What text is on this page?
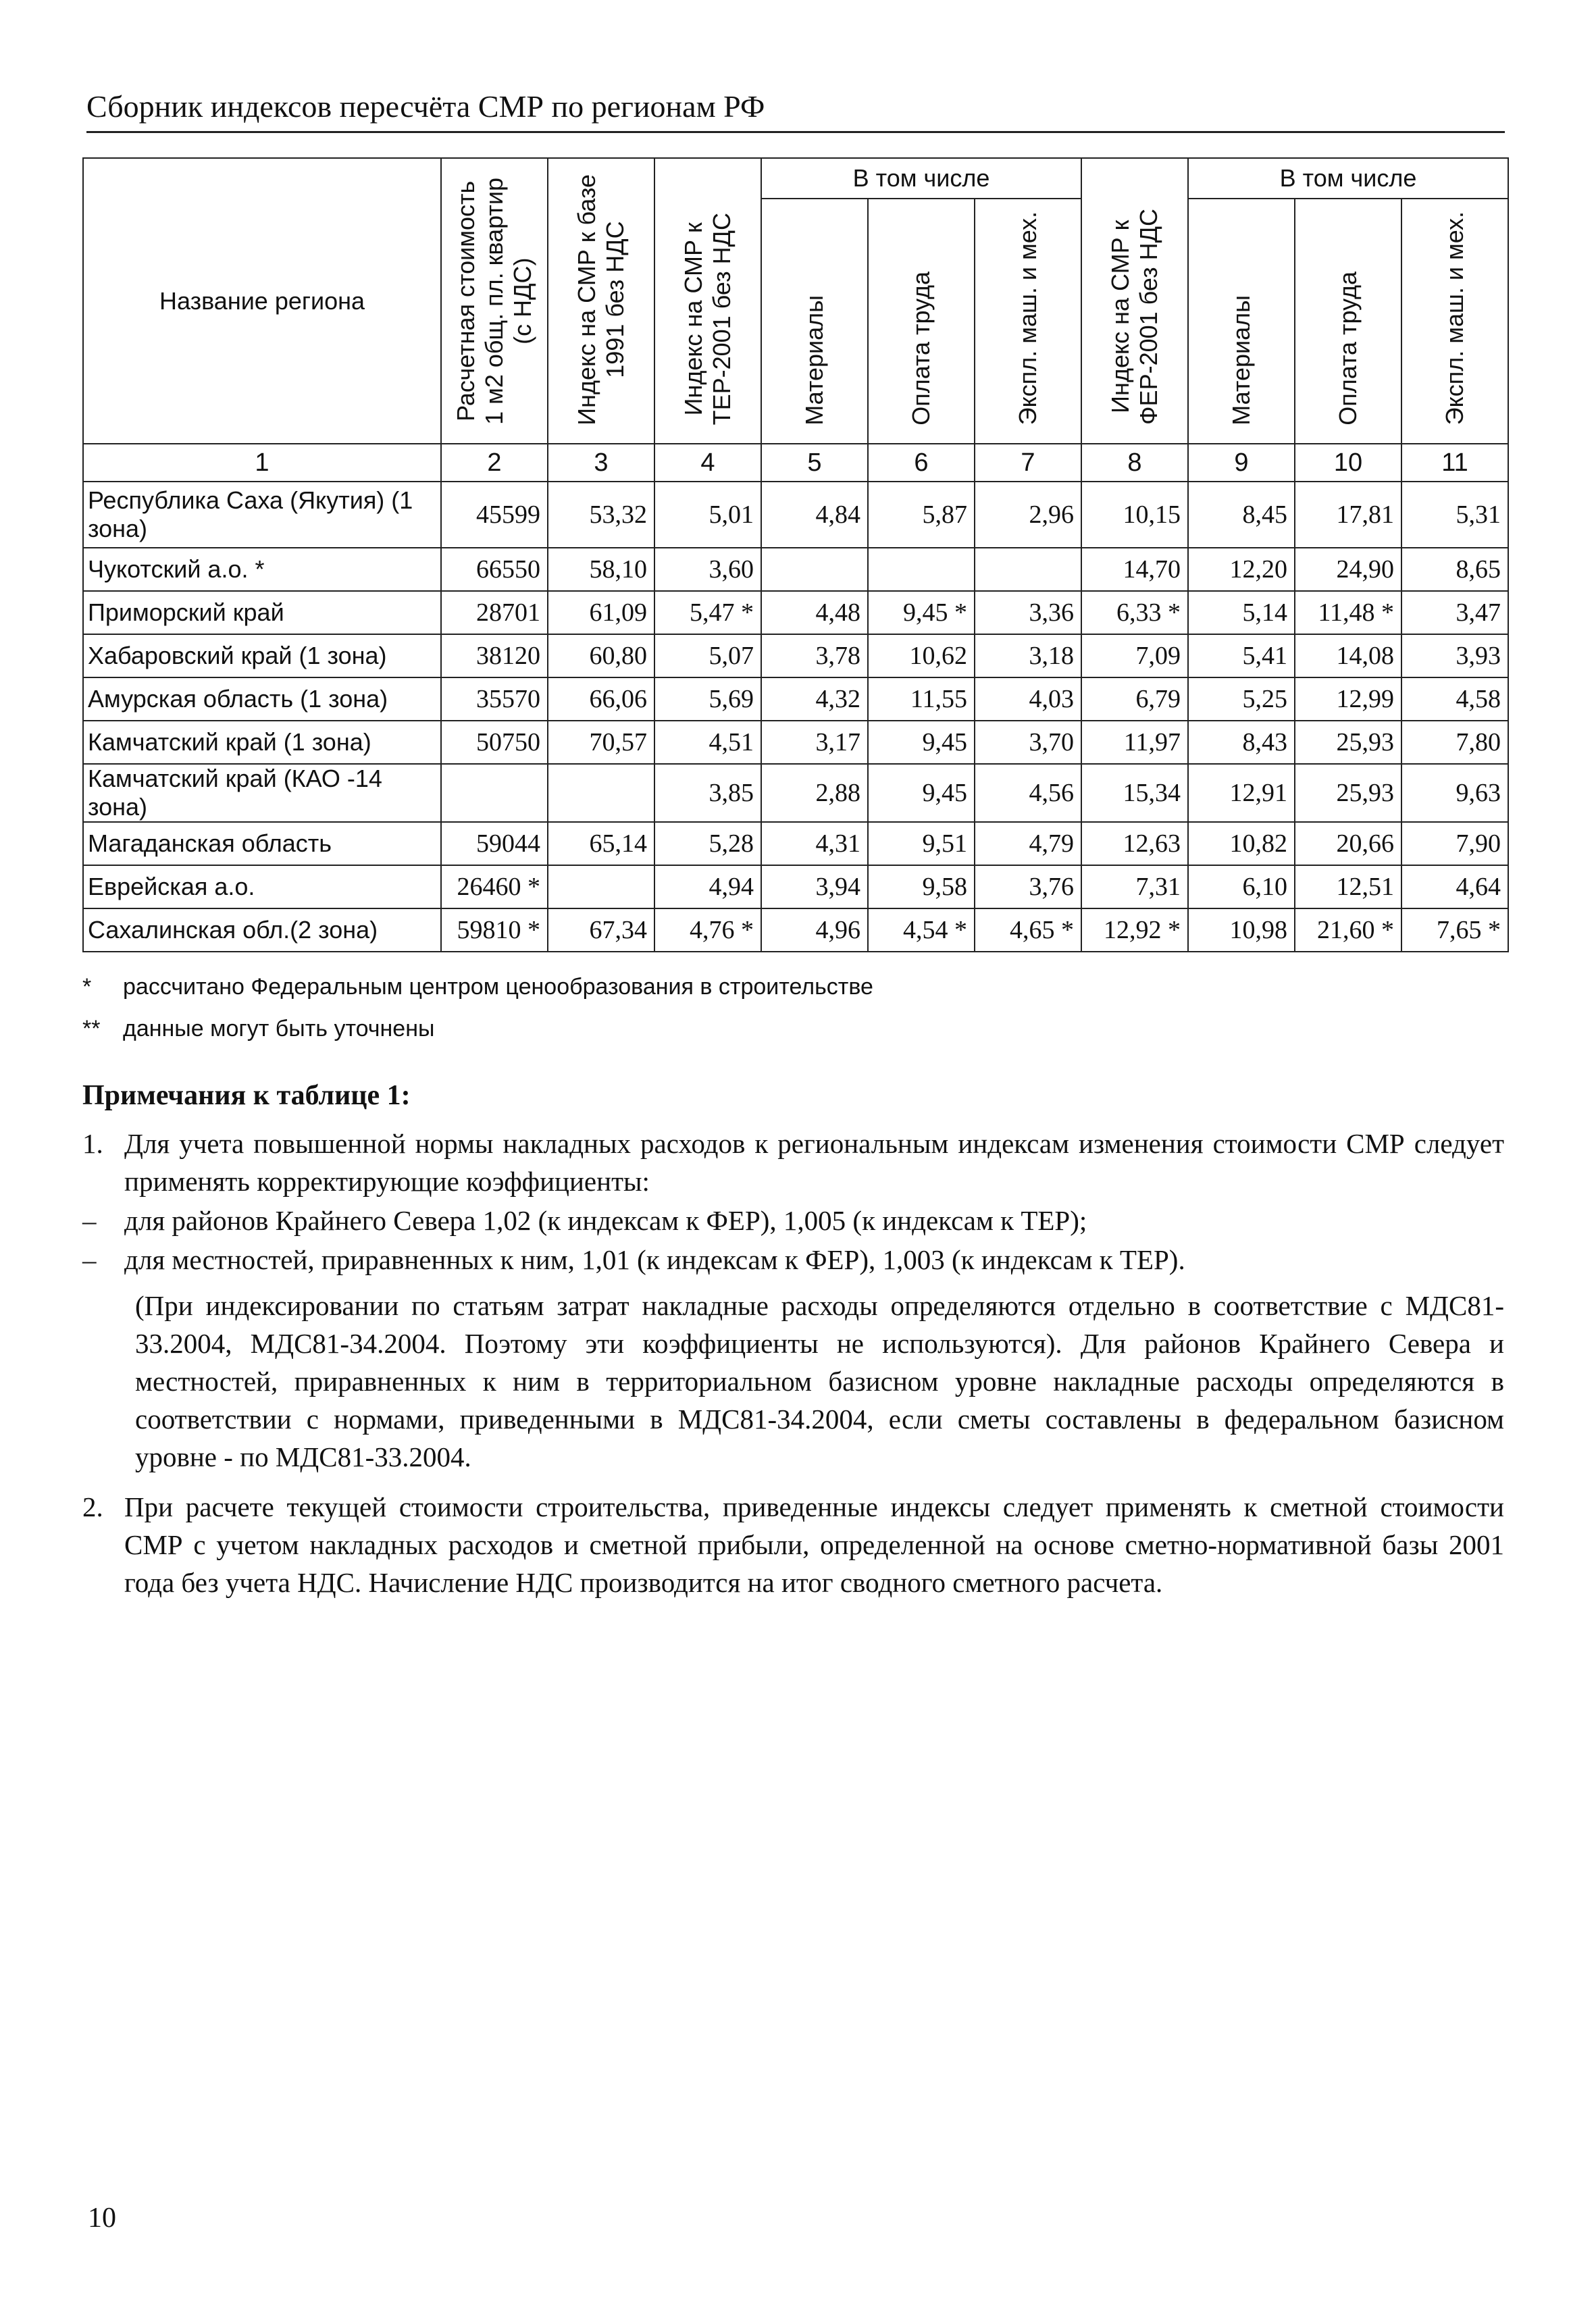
Сборник индексов пересчёта СМР по регионам РФ
Название региона	Расчетная стоимость
1 м2 общ. пл. квартир
(с НДС)	Индекс на СМР к базе
1991 без НДС	Индекс на СМР к
ТЕР-2001 без НДС	В том числе			Индекс на СМР к
ФЕР-2001 без НДС	В том числе		
				Материалы	Оплата труда	Экспл. маш. и мех.		Материалы	Оплата труда	Экспл. маш. и мех.
1	2	3	4	5	6	7	8	9	10	11
Республика Саха (Якутия) (1 зона)	45599	53,32	5,01	4,84	5,87	2,96	10,15	8,45	17,81	5,31
Чукотский а.о. *	66550	58,10	3,60				14,70	12,20	24,90	8,65
Приморский край	28701	61,09	5,47 *	4,48	9,45 *	3,36	6,33 *	5,14	11,48 *	3,47
Хабаровский край (1 зона)	38120	60,80	5,07	3,78	10,62	3,18	7,09	5,41	14,08	3,93
Амурская область (1 зона)	35570	66,06	5,69	4,32	11,55	4,03	6,79	5,25	12,99	4,58
Камчатский край (1 зона)	50750	70,57	4,51	3,17	9,45	3,70	11,97	8,43	25,93	7,80
Камчатский край (КАО -14 зона)			3,85	2,88	9,45	4,56	15,34	12,91	25,93	9,63
Магаданская область	59044	65,14	5,28	4,31	9,51	4,79	12,63	10,82	20,66	7,90
Еврейская а.о.	26460 *		4,94	3,94	9,58	3,76	7,31	6,10	12,51	4,64
Сахалинская обл.(2 зона)	59810 *	67,34	4,76 *	4,96	4,54 *	4,65 *	12,92 *	10,98	21,60 *	7,65 *
*	рассчитано Федеральным центром ценообразования в строительстве
** данные могут быть уточнены
Примечания к таблице 1:
1. Для учета повышенной нормы накладных расходов к региональным индексам изменения стоимости СМР следует применять корректирующие коэффициенты:
–	для районов Крайнего Севера 1,02 (к индексам к ФЕР), 1,005 (к индексам к ТЕР);
–	для местностей, приравненных к ним, 1,01 (к индексам к ФЕР), 1,003 (к индексам к ТЕР).
(При индексировании по статьям затрат накладные расходы определяются отдельно в соответствие с МДС81-33.2004, МДС81-34.2004. Поэтому эти коэффициенты не используются). Для районов Крайнего Севера и местностей, приравненных к ним в территориальном базисном уровне накладные расходы определяются в соответствии с нормами, приведенными в МДС81-34.2004, если сметы составлены в федеральном базисном уровне - по МДС81-33.2004.
2. При расчете текущей стоимости строительства, приведенные индексы следует применять к сметной стоимости СМР с учетом накладных расходов и сметной прибыли, определенной на основе сметно-нормативной базы 2001 года без учета НДС. Начисление НДС производится на итог сводного сметного расчета.
10
